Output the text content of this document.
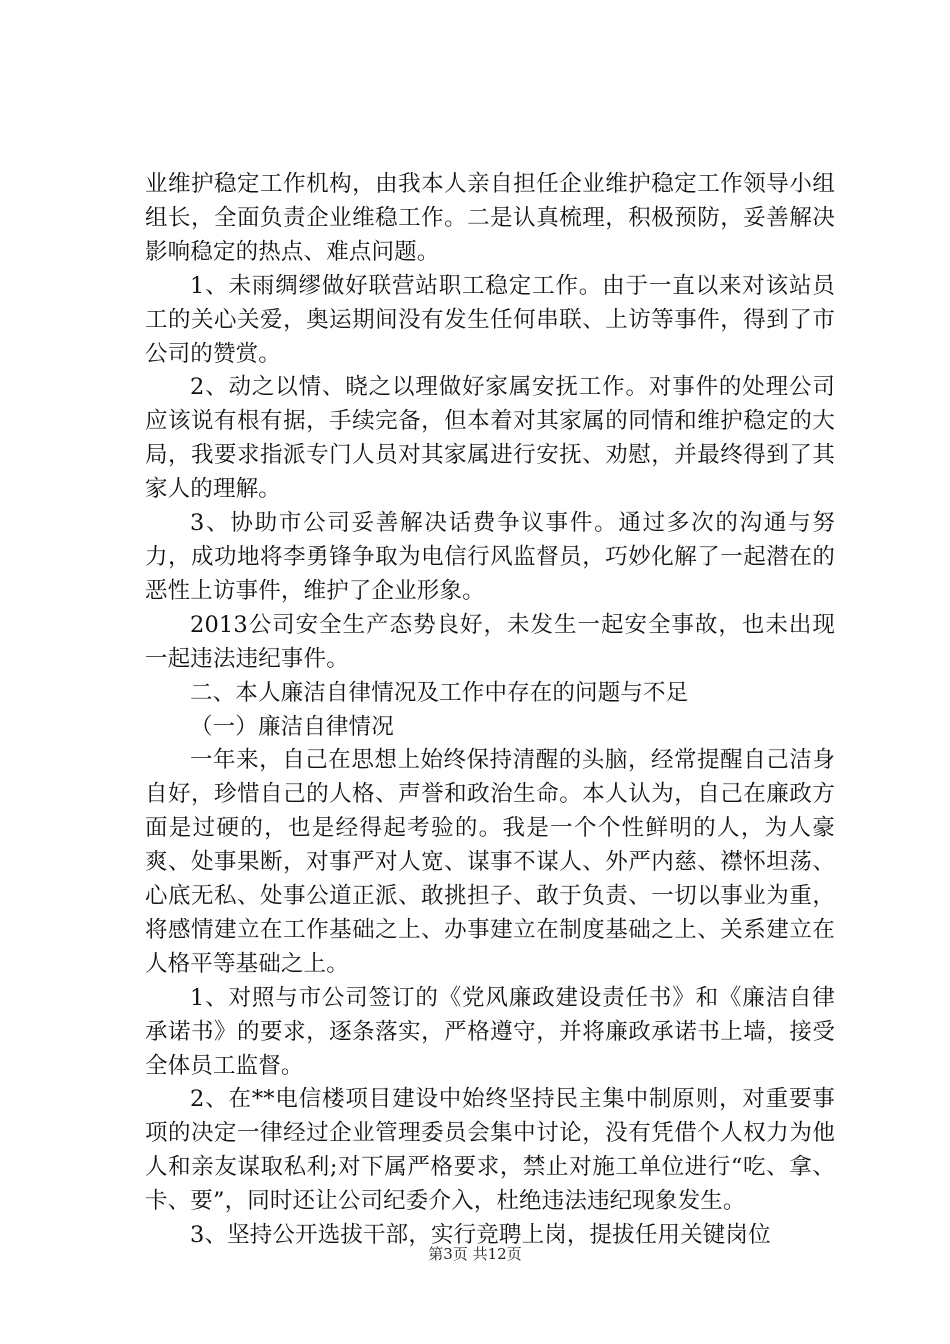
业维护稳定工作机构，由我本人亲自担任企业维护稳定工作领导小组组长，全面负责企业维稳工作。二是认真梳理，积极预防，妥善解决影响稳定的热点、难点问题。

1、未雨绸缪做好联营站职工稳定工作。由于一直以来对该站员工的关心关爱，奥运期间没有发生任何串联、上访等事件，得到了市公司的赞赏。

2、动之以情、晓之以理做好家属安抚工作。对事件的处理公司应该说有根有据，手续完备，但本着对其家属的同情和维护稳定的大局，我要求指派专门人员对其家属进行安抚、劝慰，并最终得到了其家人的理解。

3、协助市公司妥善解决话费争议事件。通过多次的沟通与努力，成功地将李勇锋争取为电信行风监督员，巧妙化解了一起潜在的恶性上访事件，维护了企业形象。

2013公司安全生产态势良好，未发生一起安全事故，也未出现一起违法违纪事件。

二、本人廉洁自律情况及工作中存在的问题与不足

（一）廉洁自律情况

一年来，自己在思想上始终保持清醒的头脑，经常提醒自己洁身自好，珍惜自己的人格、声誉和政治生命。本人认为，自己在廉政方面是过硬的，也是经得起考验的。我是一个个性鲜明的人，为人豪爽、处事果断，对事严对人宽、谋事不谋人、外严内慈、襟怀坦荡、心底无私、处事公道正派、敢挑担子、敢于负责、一切以事业为重，将感情建立在工作基础之上、办事建立在制度基础之上、关系建立在人格平等基础之上。

1、对照与市公司签订的《党风廉政建设责任书》和《廉洁自律承诺书》的要求，逐条落实，严格遵守，并将廉政承诺书上墙，接受全体员工监督。

2、在**电信楼项目建设中始终坚持民主集中制原则，对重要事项的决定一律经过企业管理委员会集中讨论，没有凭借个人权力为他人和亲友谋取私利;对下属严格要求，禁止对施工单位进行“吃、拿、卡、要”，同时还让公司纪委介入，杜绝违法违纪现象发生。

3、坚持公开选拔干部，实行竞聘上岗，提拔任用关键岗位

第3页 共12页
